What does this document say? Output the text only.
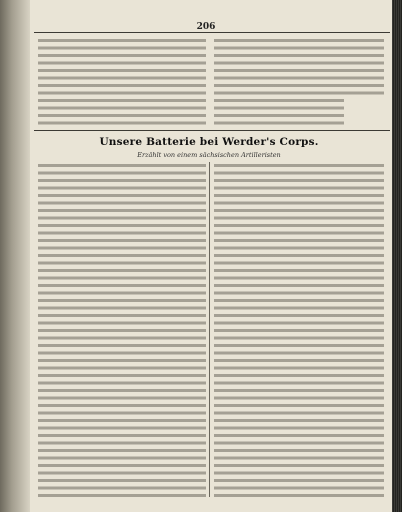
206

Unsere Batterie bei Werder's Corps.

Erzählt von einem sächsischen Artilleristen
